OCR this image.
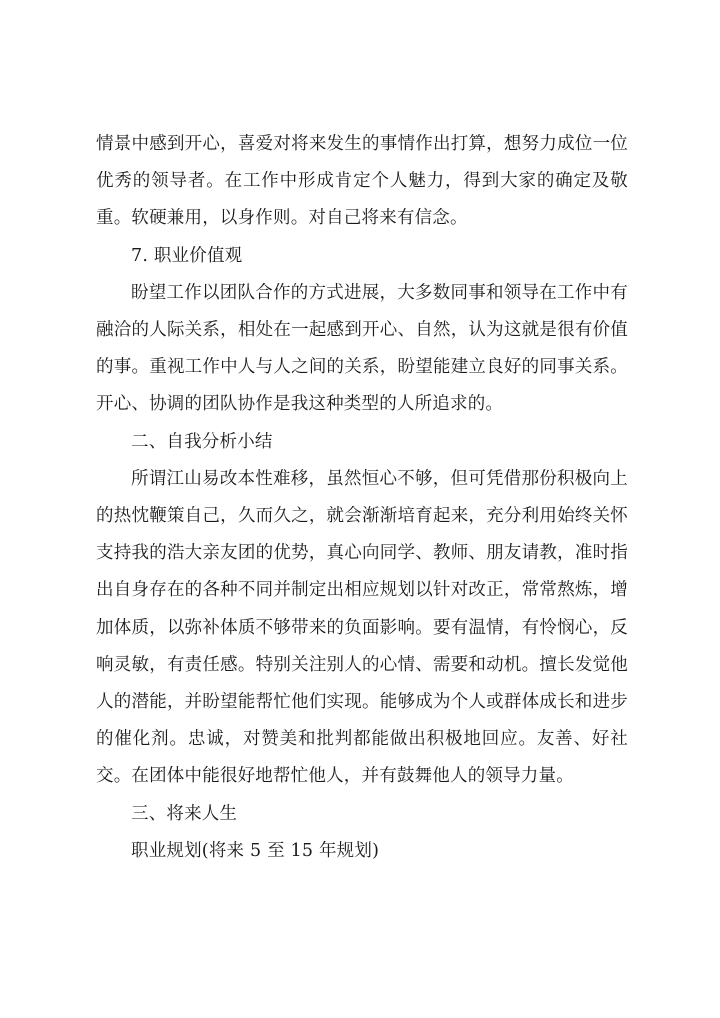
情景中感到开心，喜爱对将来发生的事情作出打算，想努力成位一位优秀的领导者。在工作中形成肯定个人魅力，得到大家的确定及敬重。软硬兼用，以身作则。对自己将来有信念。

7. 职业价值观

盼望工作以团队合作的方式进展，大多数同事和领导在工作中有融洽的人际关系，相处在一起感到开心、自然，认为这就是很有价值的事。重视工作中人与人之间的关系，盼望能建立良好的同事关系。开心、协调的团队协作是我这种类型的人所追求的。

二、自我分析小结

所谓江山易改本性难移，虽然恒心不够，但可凭借那份积极向上的热忱鞭策自己，久而久之，就会渐渐培育起来，充分利用始终关怀支持我的浩大亲友团的优势，真心向同学、教师、朋友请教，准时指出自身存在的各种不同并制定出相应规划以针对改正，常常熬炼，增加体质，以弥补体质不够带来的负面影响。要有温情，有怜悯心，反响灵敏，有责任感。特别关注别人的心情、需要和动机。擅长发觉他人的潜能，并盼望能帮忙他们实现。能够成为个人或群体成长和进步的催化剂。忠诚，对赞美和批判都能做出积极地回应。友善、好社交。在团体中能很好地帮忙他人，并有鼓舞他人的领导力量。

三、将来人生

职业规划(将来 5 至 15 年规划)
